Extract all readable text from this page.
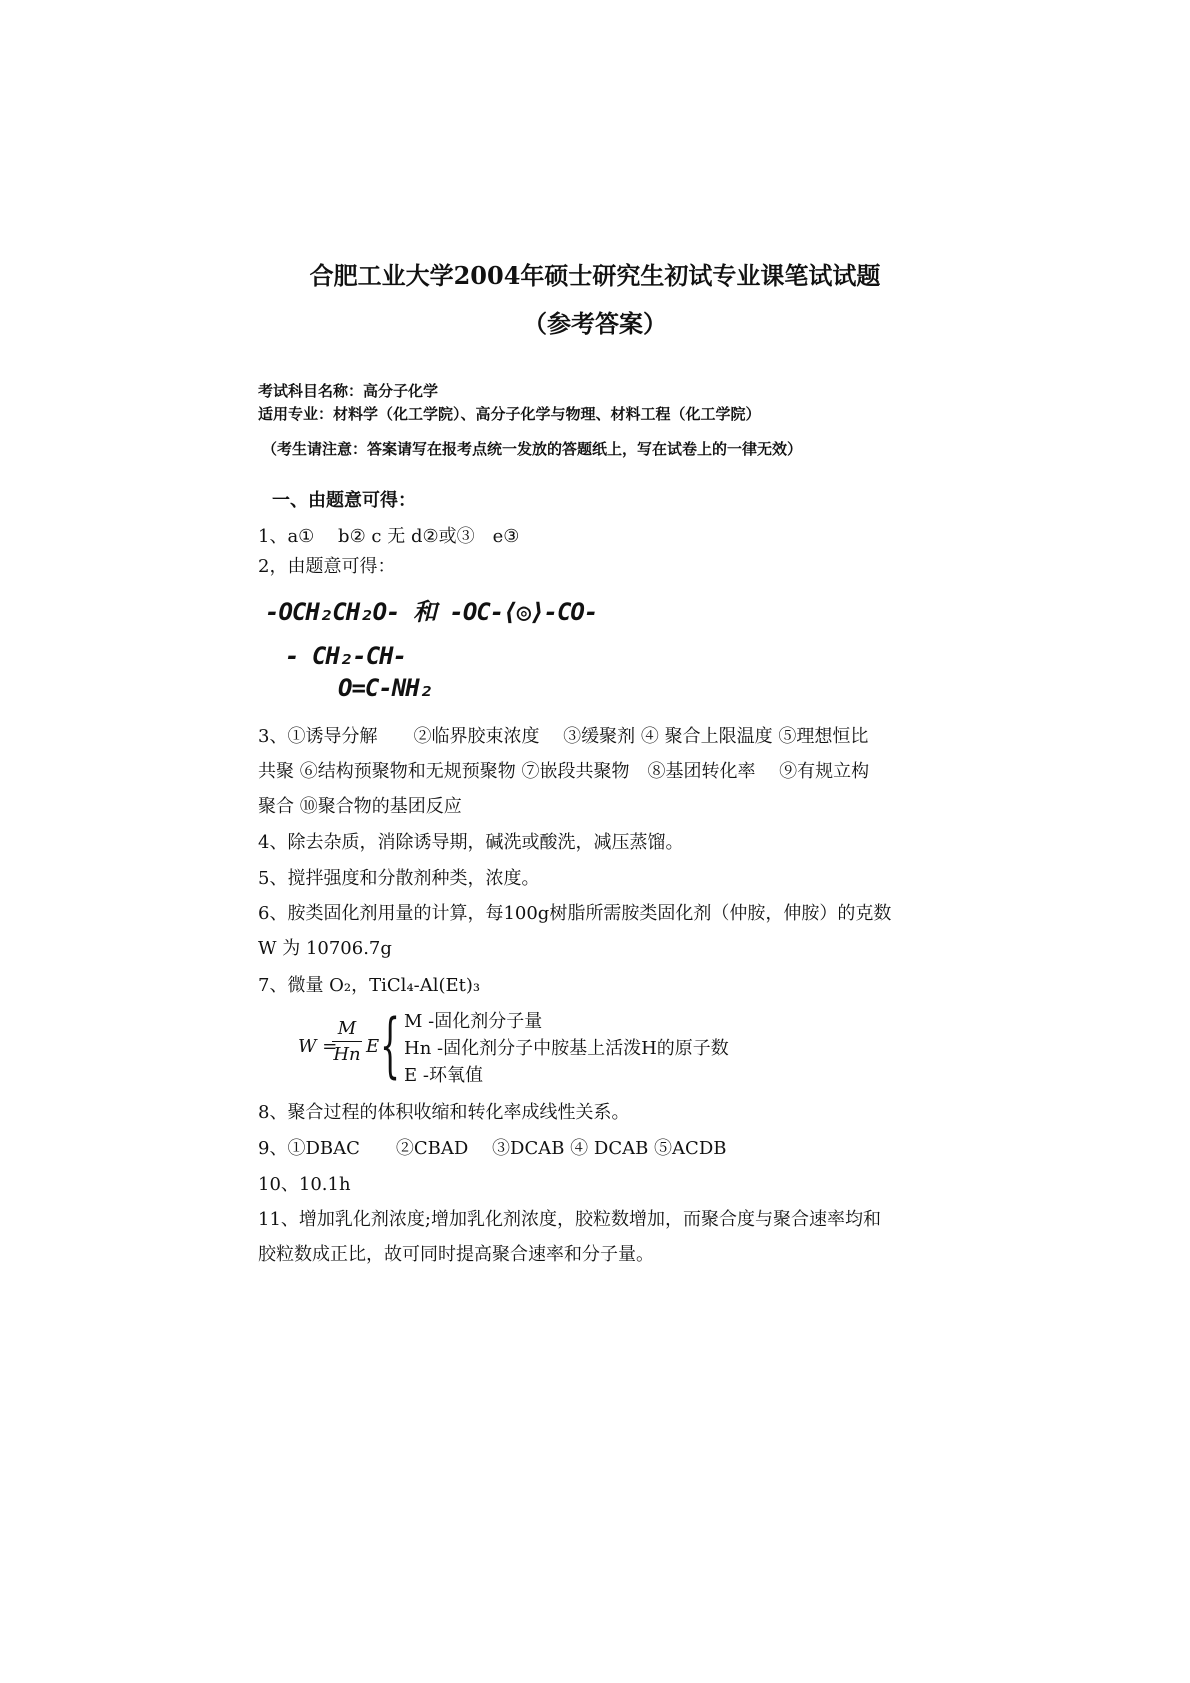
合肥工业大学2004年硕士研究生初试专业课笔试试题
（参考答案）
考试科目名称：高分子化学
适用专业：材料学（化工学院）、高分子化学与物理、材料工程（化工学院）
（考生请注意：答案请写在报考点统一发放的答题纸上，写在试卷上的一律无效）
一、由题意可得：
1、a①　 b② c 无 d②或③　e③
2，由题意可得：
-OCH₂CH₂O- 和 -OC-⟨◎⟩-CO-
- CH₂-CH-
O=C-NH₂
3、①诱导分解　　②临界胶束浓度　 ③缓聚剂 ④ 聚合上限温度 ⑤理想恒比
共聚 ⑥结构预聚物和无规预聚物 ⑦嵌段共聚物　⑧基团转化率　 ⑨有规立构
聚合 ⑩聚合物的基团反应
4、除去杂质，消除诱导期，碱洗或酸洗，减压蒸馏。
5、搅拌强度和分散剂种类，浓度。
6、胺类固化剂用量的计算，每100g树脂所需胺类固化剂（仲胺，伸胺）的克数
W 为 10706.7g
7、微量 O₂，TiCl₄-Al(Et)₃
W =
M
Hn E { M -固化剂分子量
Hn -固化剂分子中胺基上活泼H的原子数
E -环氧值
8、聚合过程的体积收缩和转化率成线性关系。
9、①DBAC　　②CBAD　 ③DCAB ④ DCAB ⑤ACDB
10、10.1h
11、增加乳化剂浓度;增加乳化剂浓度，胶粒数增加，而聚合度与聚合速率均和
胶粒数成正比，故可同时提高聚合速率和分子量。
